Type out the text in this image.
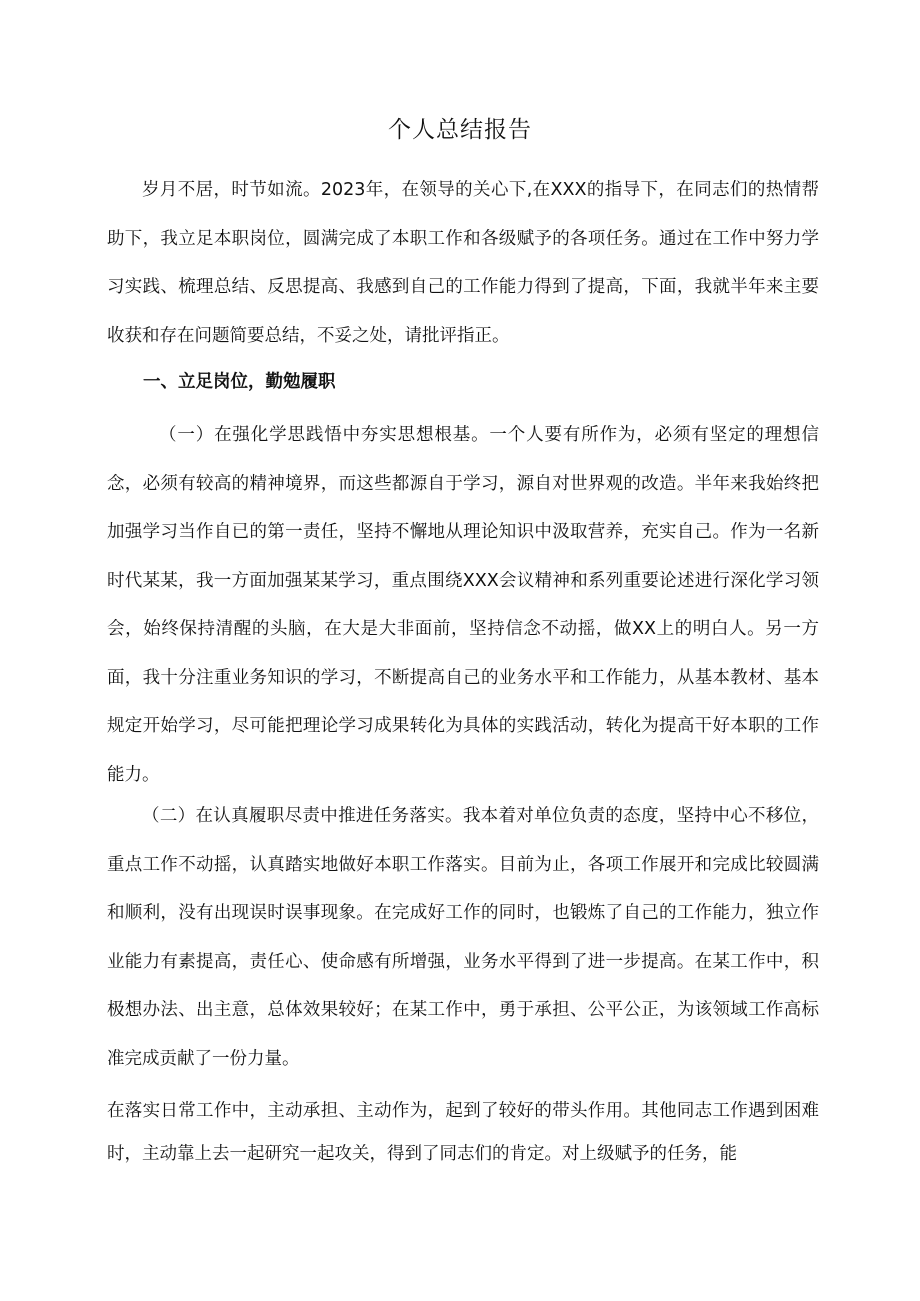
个人总结报告

岁月不居，时节如流。2023年，在领导的关心下,在XXX的指导下，在同志们的热情帮助下，我立足本职岗位，圆满完成了本职工作和各级赋予的各项任务。通过在工作中努力学习实践、梳理总结、反思提高、我感到自己的工作能力得到了提高，下面，我就半年来主要收获和存在问题简要总结，不妥之处，请批评指正。

一、立足岗位，勤勉履职

（一）在强化学思践悟中夯实思想根基。一个人要有所作为，必须有坚定的理想信念，必须有较高的精神境界，而这些都源自于学习，源自对世界观的改造。半年来我始终把加强学习当作自已的第一责任，坚持不懈地从理论知识中汲取营养，充实自己。作为一名新时代某某，我一方面加强某某学习，重点围绕XXX会议精神和系列重要论述进行深化学习领会，始终保持清醒的头脑，在大是大非面前，坚持信念不动摇，做XX上的明白人。另一方面，我十分注重业务知识的学习，不断提高自己的业务水平和工作能力，从基本教材、基本规定开始学习，尽可能把理论学习成果转化为具体的实践活动，转化为提高干好本职的工作能力。

（二）在认真履职尽责中推进任务落实。我本着对单位负责的态度，坚持中心不移位，重点工作不动摇，认真踏实地做好本职工作落实。目前为止，各项工作展开和完成比较圆满和顺利，没有出现误时误事现象。在完成好工作的同时，也锻炼了自己的工作能力，独立作业能力有素提高，责任心、使命感有所增强，业务水平得到了进一步提高。在某工作中，积极想办法、出主意，总体效果较好；在某工作中，勇于承担、公平公正，为该领域工作高标准完成贡献了一份力量。

在落实日常工作中，主动承担、主动作为，起到了较好的带头作用。其他同志工作遇到困难时，主动靠上去一起研究一起攻关，得到了同志们的肯定。对上级赋予的任务，能
